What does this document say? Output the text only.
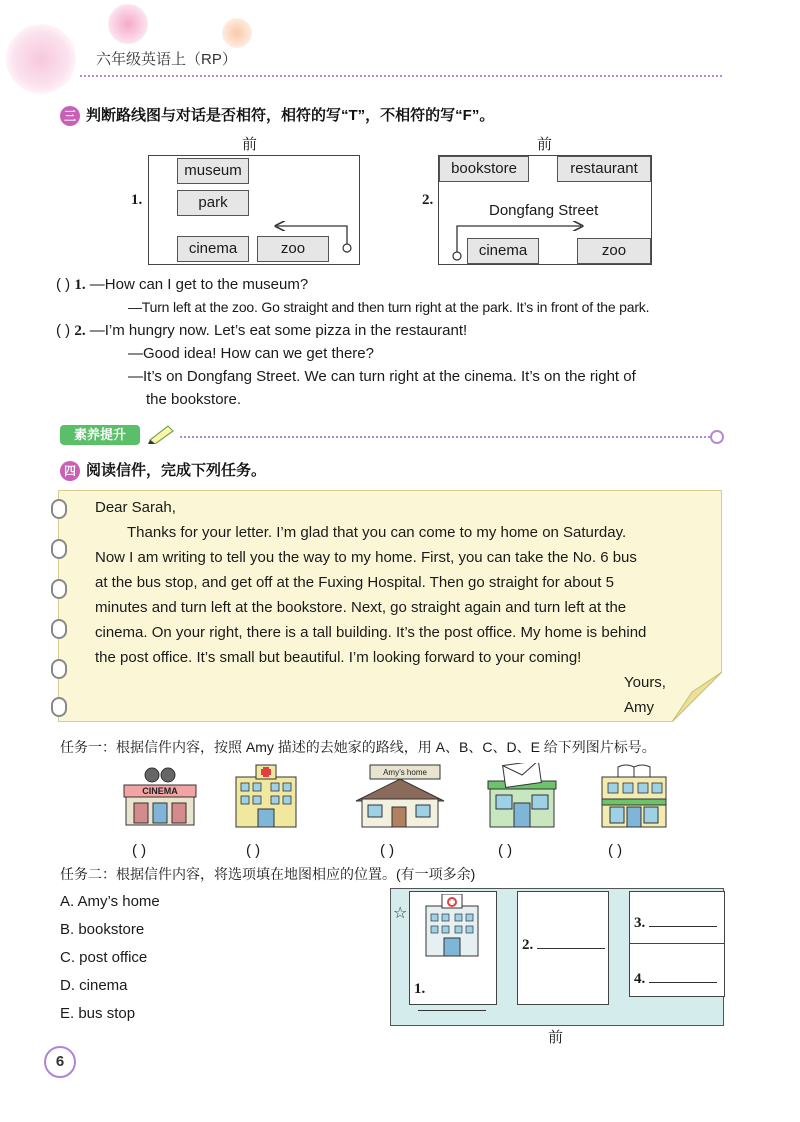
六年级英语上（RP）
三 判断路线图与对话是否相符，相符的写“T”，不相符的写“F”。
前
1.
museum
park
cinema	zoo
前
2.
bookstore	restaurant
Dongfang Street
cinema	zoo
( ) 1. —How can I get to the museum?
—Turn left at the zoo. Go straight and then turn right at the park. It’s in front of the park.
( ) 2. —I’m hungry now. Let’s eat some pizza in the restaurant!
—Good idea! How can we get there?
—It’s on Dongfang Street. We can turn right at the cinema. It’s on the right of
the bookstore.
素养提升
四 阅读信件，完成下列任务。
Dear Sarah,
Thanks for your letter. I’m glad that you can come to my home on Saturday.
Now I am writing to tell you the way to my home. First, you can take the No. 6 bus
at the bus stop, and get off at the Fuxing Hospital. Then go straight for about 5
minutes and turn left at the bookstore. Next, go straight again and turn left at the
cinema. On your right, there is a tall building. It’s the post office. My home is behind
the post office. It’s small but beautiful. I’m looking forward to your coming!
Yours,
Amy
任务一：根据信件内容，按照 Amy 描述的去她家的路线，用 A、B、C、D、E 给下列图片标号。
CINEMA
Amy’s home
( )	( )	( )	( )	( )
任务二：根据信件内容，将选项填在地图相应的位置。(有一项多余)
A. Amy’s home
B. bookstore
C. post office
D. cinema
E. bus stop
☆
1.
2.
3.
4.
前
6
